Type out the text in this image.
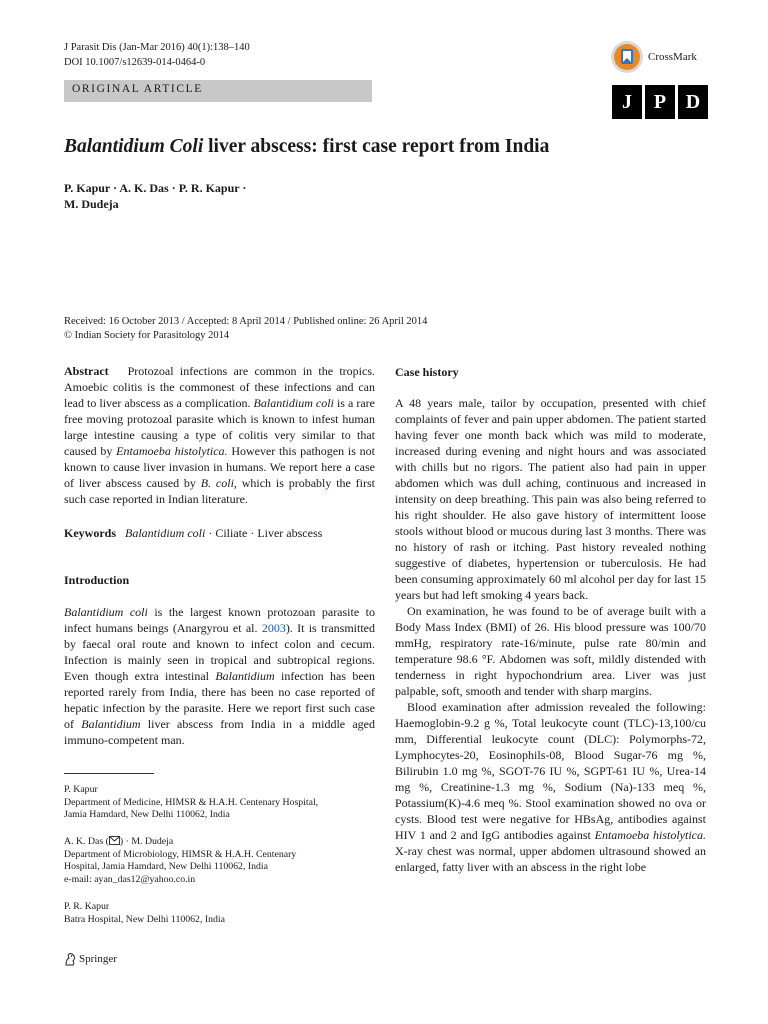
J Parasit Dis (Jan-Mar 2016) 40(1):138–140
DOI 10.1007/s12639-014-0464-0
ORIGINAL ARTICLE
CrossMark
J	P D
Balantidium Coli liver abscess: first case report from India
P. Kapur · A. K. Das · P. R. Kapur ·
M. Dudeja
Received: 16 October 2013 / Accepted: 8 April 2014 / Published online: 26 April 2014
© Indian Society for Parasitology 2014

Abstract Protozoal infections are common in the tropics. Amoebic colitis is the commonest of these infections and can lead to liver abscess as a complication. Balantidium coli is a rare free moving protozoal parasite which is known to infest human large intestine causing a type of colitis very similar to that caused by Entamoeba histolytica. However this pathogen is not known to cause liver invasion in humans. We report here a case of liver abscess caused by B. coli, which is probably the first such case reported in Indian literature.

Keywords Balantidium coli · Ciliate · Liver abscess
Introduction

Balantidium coli is the largest known protozoan parasite to infect humans beings (Anargyrou et al. 2003). It is transmitted by faecal oral route and known to infect colon and cecum. Infection is mainly seen in tropical and subtropical regions. Even though extra intestinal Balantidium infection has been reported rarely from India, there has been no case reported of hepatic infection by the parasite. Here we report first such case of Balantidium liver abscess from India in a middle aged immuno-competent man.

P. Kapur

Department of Medicine, HIMSR & H.A.H. Centenary Hospital,

Jamia Hamdard, New Delhi 110062, India

A. K. Das ( ) · M. Dudeja

Department of Microbiology, HIMSR & H.A.H. Centenary

Hospital, Jamia Hamdard, New Delhi 110062, India

e-mail: ayan_das12@yahoo.co.in

P. R. Kapur

Batra Hospital, New Delhi 110062, India

Case history

A 48 years male, tailor by occupation, presented with chief complaints of fever and pain upper abdomen. The patient started having fever one month back which was mild to moderate, increased during evening and night hours and was associated with chills but no rigors. The patient also had pain in upper abdomen which was dull aching, continuous and increased in intensity on deep breathing. This pain was also being referred to his right shoulder. He also gave history of intermittent loose stools without blood or mucous during last 3 months. There was no history of rash or itching. Past history revealed nothing suggestive of diabetes, hypertension or tuberculosis. He had been consuming approximately 60 ml alcohol per day for last 15 years but had left smoking 4 years back.

On examination, he was found to be of average built with a Body Mass Index (BMI) of 26. His blood pressure was 100/70 mmHg, respiratory rate-16/minute, pulse rate 80/min and temperature 98.6 °F. Abdomen was soft, mildly distended with tenderness in right hypochondrium area. Liver was just palpable, soft, smooth and tender with sharp margins.

Blood examination after admission revealed the following: Haemoglobin-9.2 g %, Total leukocyte count (TLC)-13,100/cu mm, Differential leukocyte count (DLC): Polymorphs-72, Lymphocytes-20, Eosinophils-08, Blood Sugar-76 mg %, Bilirubin 1.0 mg %, SGOT-76 IU %, SGPT-61 IU %, Urea-14 mg %, Creatinine-1.3 mg %, Sodium (Na)-133 meq %, Potassium(K)-4.6 meq %. Stool examination showed no ova or cysts. Blood test were negative for HBsAg, antibodies against HIV 1 and 2 and IgG antibodies against Entamoeba histolytica. X-ray chest was normal, upper abdomen ultrasound showed an enlarged, fatty liver with an abscess in the right lobe

Springer
